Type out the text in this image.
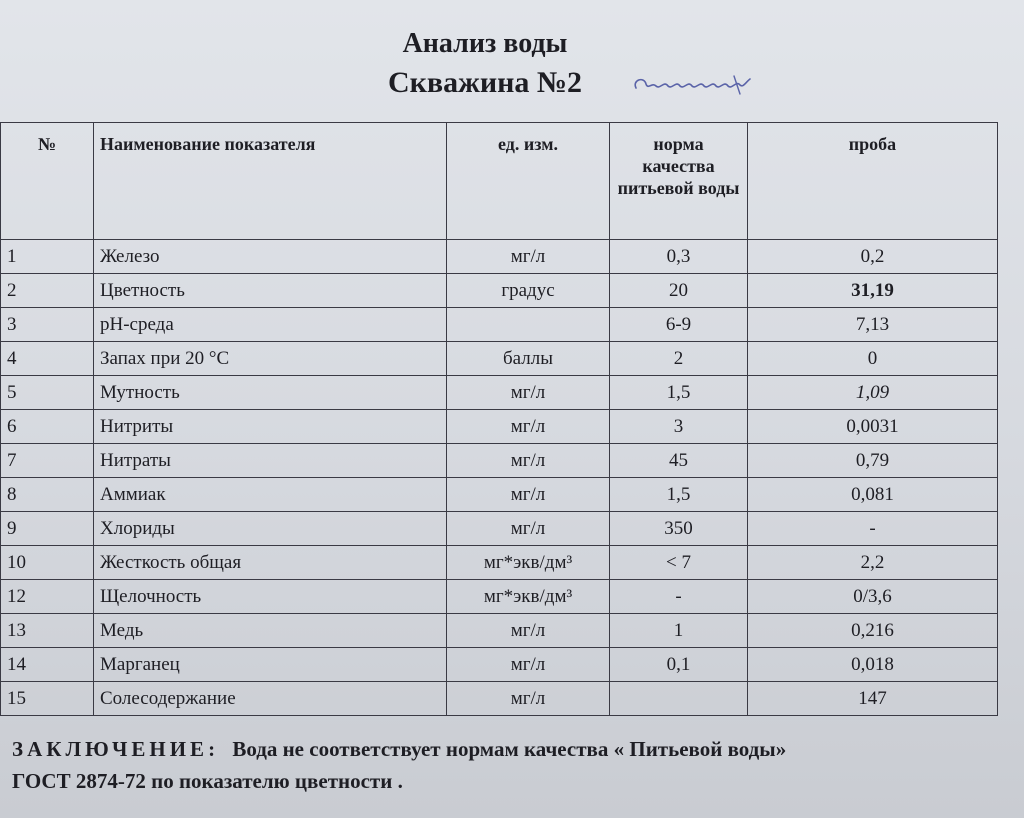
Анализ воды
Скважина №2
№	Наименование показателя	ед. изм.	норма качества питьевой воды	проба
1	Железо	мг/л	0,3	0,2
2	Цветность	градус	20	31,19
3	pH-среда		6-9	7,13
4	Запах при 20 °C	баллы	2	0
5	Мутность	мг/л	1,5	1,09
6	Нитриты	мг/л	3	0,0031
7	Нитраты	мг/л	45	0,79
8	Аммиак	мг/л	1,5	0,081
9	Хлориды	мг/л	350	-
10	Жесткость общая	мг*экв/дм³	< 7	2,2
12	Щелочность	мг*экв/дм³	-	0/3,6
13	Медь	мг/л	1	0,216
14	Марганец	мг/л	0,1	0,018
15	Солесодержание	мг/л		147
ЗАКЛЮЧЕНИЕ: Вода не соответствует нормам качества « Питьевой воды»
ГОСТ 2874-72 по показателю цветности .
